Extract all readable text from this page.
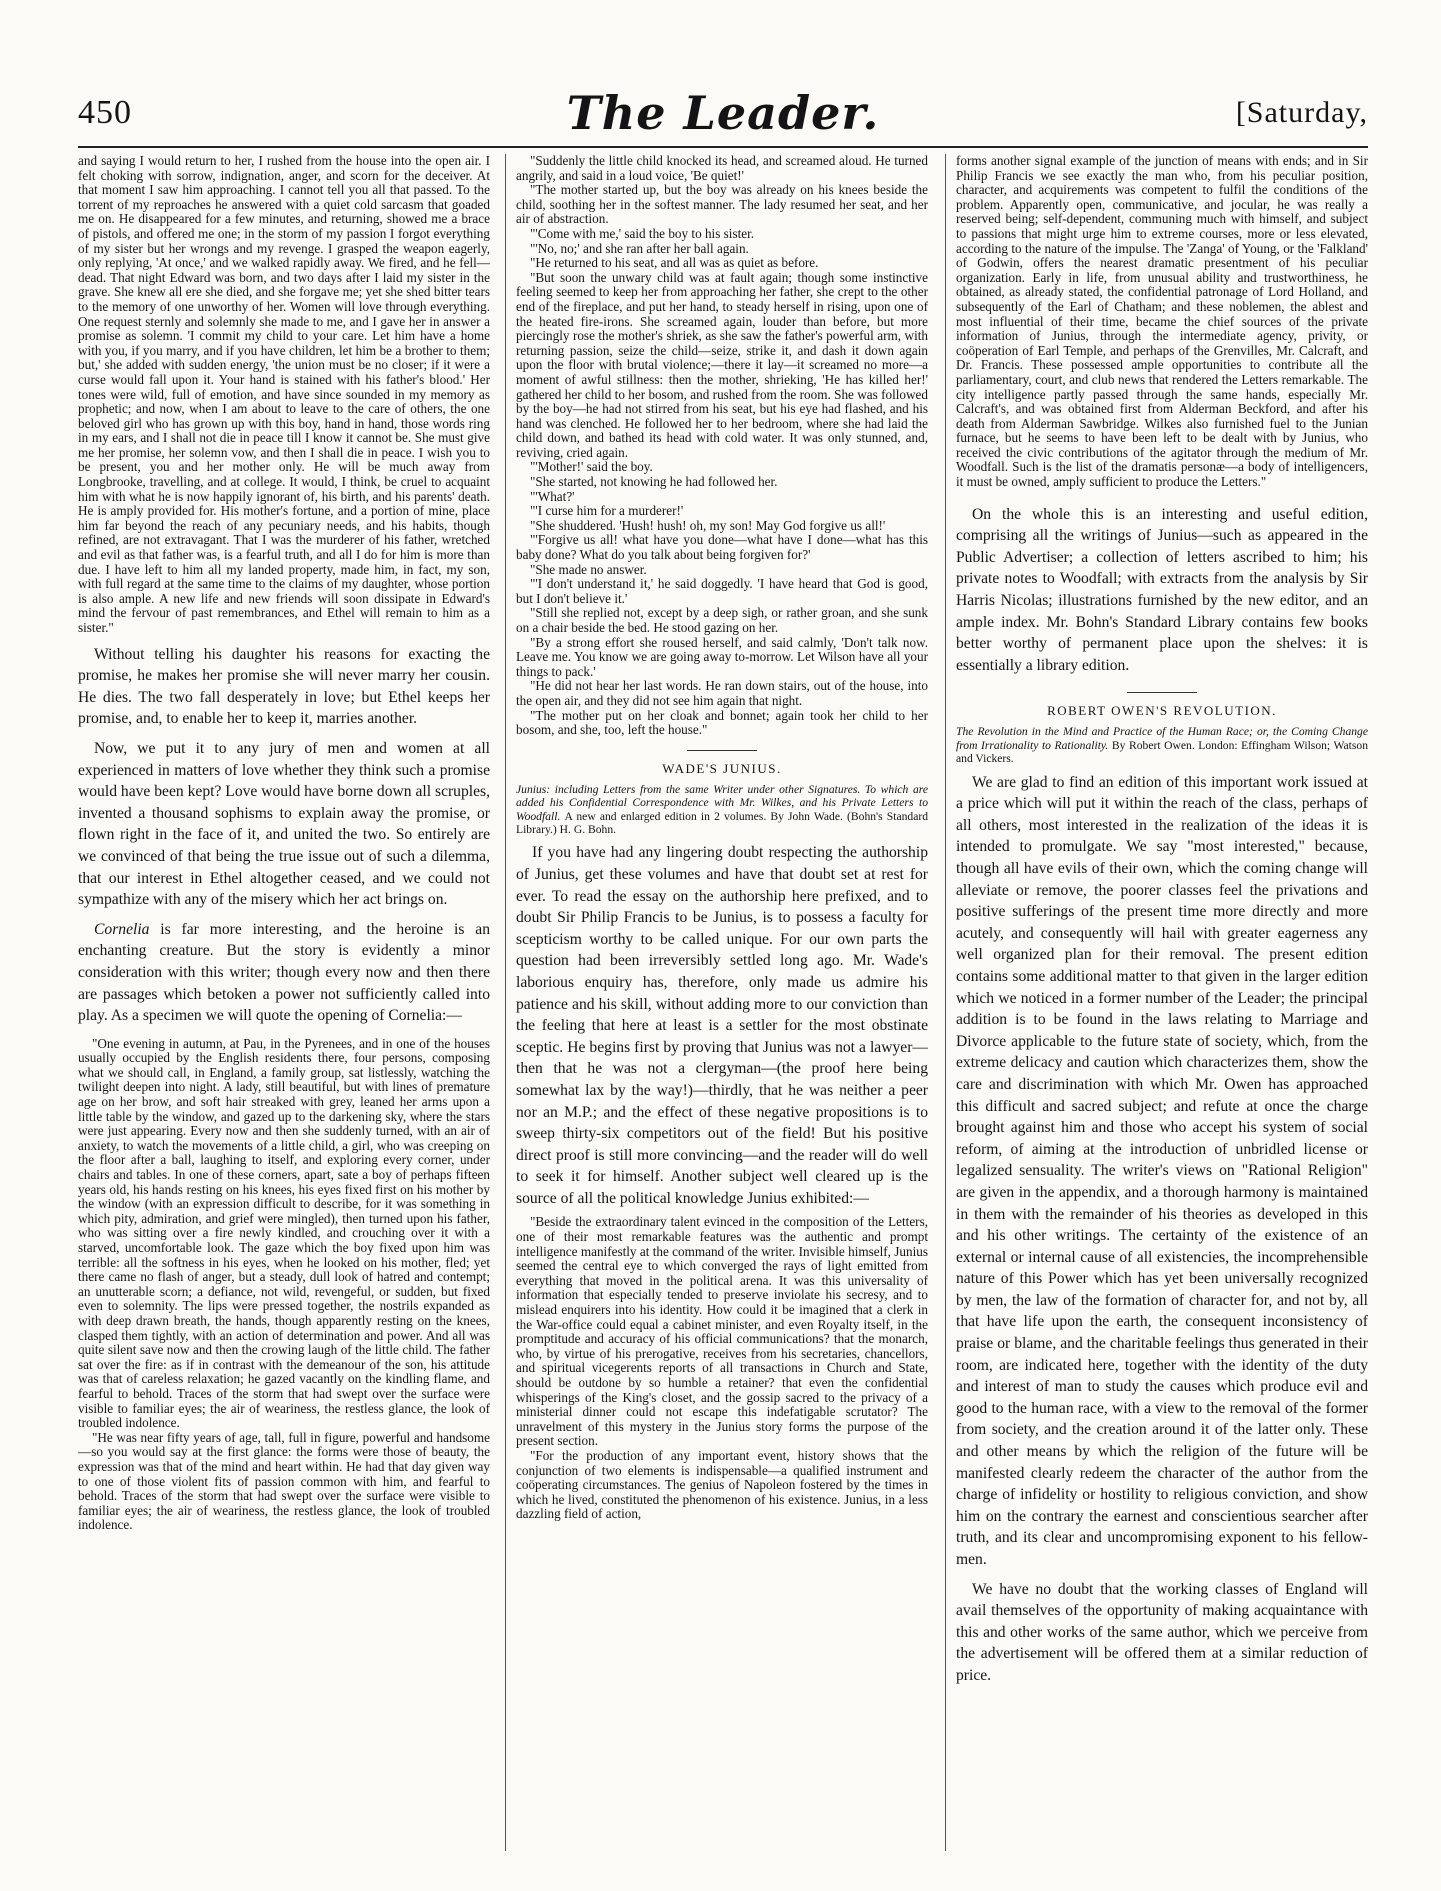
450	The Leader.	[Saturday,

and saying I would return to her, I rushed from the house into the open air. I felt choking with sorrow, indignation, anger, and scorn for the deceiver. At that moment I saw him approaching. I cannot tell you all that passed. To the torrent of my reproaches he answered with a quiet cold sarcasm that goaded me on. He disappeared for a few minutes, and returning, showed me a brace of pistols, and offered me one; in the storm of my passion I forgot everything of my sister but her wrongs and my revenge. I grasped the weapon eagerly, only replying, 'At once,' and we walked rapidly away. We fired, and he fell—dead. That night Edward was born, and two days after I laid my sister in the grave. She knew all ere she died, and she forgave me; yet she shed bitter tears to the memory of one unworthy of her. Women will love through everything. One request sternly and solemnly she made to me, and I gave her in answer a promise as solemn. 'I commit my child to your care. Let him have a home with you, if you marry, and if you have children, let him be a brother to them; but,' she added with sudden energy, 'the union must be no closer; if it were a curse would fall upon it. Your hand is stained with his father's blood.' Her tones were wild, full of emotion, and have since sounded in my memory as prophetic; and now, when I am about to leave to the care of others, the one beloved girl who has grown up with this boy, hand in hand, those words ring in my ears, and I shall not die in peace till I know it cannot be. She must give me her promise, her solemn vow, and then I shall die in peace. I wish you to be present, you and her mother only. He will be much away from Longbrooke, travelling, and at college. It would, I think, be cruel to acquaint him with what he is now happily ignorant of, his birth, and his parents' death. He is amply provided for. His mother's fortune, and a portion of mine, place him far beyond the reach of any pecuniary needs, and his habits, though refined, are not extravagant. That I was the murderer of his father, wretched and evil as that father was, is a fearful truth, and all I do for him is more than due. I have left to him all my landed property, made him, in fact, my son, with full regard at the same time to the claims of my daughter, whose portion is also ample. A new life and new friends will soon dissipate in Edward's mind the fervour of past remembrances, and Ethel will remain to him as a sister."

Without telling his daughter his reasons for exacting the promise, he makes her promise she will never marry her cousin. He dies. The two fall desperately in love; but Ethel keeps her promise, and, to enable her to keep it, marries another.

Now, we put it to any jury of men and women at all experienced in matters of love whether they think such a promise would have been kept? Love would have borne down all scruples, invented a thousand sophisms to explain away the promise, or flown right in the face of it, and united the two. So entirely are we convinced of that being the true issue out of such a dilemma, that our interest in Ethel altogether ceased, and we could not sympathize with any of the misery which her act brings on.

Cornelia is far more interesting, and the heroine is an enchanting creature. But the story is evidently a minor consideration with this writer; though every now and then there are passages which betoken a power not sufficiently called into play. As a specimen we will quote the opening of Cornelia:—

"One evening in autumn, at Pau, in the Pyrenees, and in one of the houses usually occupied by the English residents there, four persons, composing what we should call, in England, a family group, sat listlessly, watching the twilight deepen into night. A lady, still beautiful, but with lines of premature age on her brow, and soft hair streaked with grey, leaned her arms upon a little table by the window, and gazed up to the darkening sky, where the stars were just appearing. Every now and then she suddenly turned, with an air of anxiety, to watch the movements of a little child, a girl, who was creeping on the floor after a ball, laughing to itself, and exploring every corner, under chairs and tables. In one of these corners, apart, sate a boy of perhaps fifteen years old, his hands resting on his knees, his eyes fixed first on his mother by the window (with an expression difficult to describe, for it was something in which pity, admiration, and grief were mingled), then turned upon his father, who was sitting over a fire newly kindled, and crouching over it with a starved, uncomfortable look. The gaze which the boy fixed upon him was terrible: all the softness in his eyes, when he looked on his mother, fled; yet there came no flash of anger, but a steady, dull look of hatred and contempt; an unutterable scorn; a defiance, not wild, revengeful, or sudden, but fixed even to solemnity. The lips were pressed together, the nostrils expanded as with deep drawn breath, the hands, though apparently resting on the knees, clasped them tightly, with an action of determination and power. And all was quite silent save now and then the crowing laugh of the little child. The father sat over the fire: as if in contrast with the demeanour of the son, his attitude was that of careless relaxation; he gazed vacantly on the kindling flame, and fearful to behold. Traces of the storm that had swept over the surface were visible to familiar eyes; the air of weariness, the restless glance, the look of troubled indolence.

"He was near fifty years of age, tall, full in figure, powerful and handsome—so you would say at the first glance: the forms were those of beauty, the expression was that of the mind and heart within. He had that day given way to one of those violent fits of passion common with him, and fearful to behold. Traces of the storm that had swept over the surface were visible to familiar eyes; the air of weariness, the restless glance, the look of troubled indolence.

"Suddenly the little child knocked its head, and screamed aloud. He turned angrily, and said in a loud voice, 'Be quiet!'

"The mother started up, but the boy was already on his knees beside the child, soothing her in the softest manner. The lady resumed her seat, and her air of abstraction.

"'Come with me,' said the boy to his sister.

"'No, no;' and she ran after her ball again.

"He returned to his seat, and all was as quiet as before.

"But soon the unwary child was at fault again; though some instinctive feeling seemed to keep her from approaching her father, she crept to the other end of the fireplace, and put her hand, to steady herself in rising, upon one of the heated fire-irons. She screamed again, louder than before, but more piercingly rose the mother's shriek, as she saw the father's powerful arm, with returning passion, seize the child—seize, strike it, and dash it down again upon the floor with brutal violence;—there it lay—it screamed no more—a moment of awful stillness: then the mother, shrieking, 'He has killed her!' gathered her child to her bosom, and rushed from the room. She was followed by the boy—he had not stirred from his seat, but his eye had flashed, and his hand was clenched. He followed her to her bedroom, where she had laid the child down, and bathed its head with cold water. It was only stunned, and, reviving, cried again.

"'Mother!' said the boy.

"She started, not knowing he had followed her.

"'What?'

"'I curse him for a murderer!'

"She shuddered. 'Hush! hush! oh, my son! May God forgive us all!'

"'Forgive us all! what have you done—what have I done—what has this baby done? What do you talk about being forgiven for?'

"She made no answer.

"'I don't understand it,' he said doggedly. 'I have heard that God is good, but I don't believe it.'

"Still she replied not, except by a deep sigh, or rather groan, and she sunk on a chair beside the bed. He stood gazing on her.

"By a strong effort she roused herself, and said calmly, 'Don't talk now. Leave me. You know we are going away to-morrow. Let Wilson have all your things to pack.'

"He did not hear her last words. He ran down stairs, out of the house, into the open air, and they did not see him again that night.

"The mother put on her cloak and bonnet; again took her child to her bosom, and she, too, left the house."

WADE'S JUNIUS.

Junius: including Letters from the same Writer under other Signatures. To which are added his Confidential Correspondence with Mr. Wilkes, and his Private Letters to Woodfall. A new and enlarged edition in 2 volumes. By John Wade. (Bohn's Standard Library.) H. G. Bohn.

If you have had any lingering doubt respecting the authorship of Junius, get these volumes and have that doubt set at rest for ever. To read the essay on the authorship here prefixed, and to doubt Sir Philip Francis to be Junius, is to possess a faculty for scepticism worthy to be called unique. For our own parts the question had been irreversibly settled long ago. Mr. Wade's laborious enquiry has, therefore, only made us admire his patience and his skill, without adding more to our conviction than the feeling that here at least is a settler for the most obstinate sceptic. He begins first by proving that Junius was not a lawyer—then that he was not a clergyman—(the proof here being somewhat lax by the way!)—thirdly, that he was neither a peer nor an M.P.; and the effect of these negative propositions is to sweep thirty-six competitors out of the field! But his positive direct proof is still more convincing—and the reader will do well to seek it for himself. Another subject well cleared up is the source of all the political knowledge Junius exhibited:—

"Beside the extraordinary talent evinced in the composition of the Letters, one of their most remarkable features was the authentic and prompt intelligence manifestly at the command of the writer. Invisible himself, Junius seemed the central eye to which converged the rays of light emitted from everything that moved in the political arena. It was this universality of information that especially tended to preserve inviolate his secresy, and to mislead enquirers into his identity. How could it be imagined that a clerk in the War-office could equal a cabinet minister, and even Royalty itself, in the promptitude and accuracy of his official communications? that the monarch, who, by virtue of his prerogative, receives from his secretaries, chancellors, and spiritual vicegerents reports of all transactions in Church and State, should be outdone by so humble a retainer? that even the confidential whisperings of the King's closet, and the gossip sacred to the privacy of a ministerial dinner could not escape this indefatigable scrutator? The unravelment of this mystery in the Junius story forms the purpose of the present section.

"For the production of any important event, history shows that the conjunction of two elements is indispensable—a qualified instrument and coöperating circumstances. The genius of Napoleon fostered by the times in which he lived, constituted the phenomenon of his existence. Junius, in a less dazzling field of action,

forms another signal example of the junction of means with ends; and in Sir Philip Francis we see exactly the man who, from his peculiar position, character, and acquirements was competent to fulfil the conditions of the problem. Apparently open, communicative, and jocular, he was really a reserved being; self-dependent, communing much with himself, and subject to passions that might urge him to extreme courses, more or less elevated, according to the nature of the impulse. The 'Zanga' of Young, or the 'Falkland' of Godwin, offers the nearest dramatic presentment of his peculiar organization. Early in life, from unusual ability and trustworthiness, he obtained, as already stated, the confidential patronage of Lord Holland, and subsequently of the Earl of Chatham; and these noblemen, the ablest and most influential of their time, became the chief sources of the private information of Junius, through the intermediate agency, privity, or coöperation of Earl Temple, and perhaps of the Grenvilles, Mr. Calcraft, and Dr. Francis. These possessed ample opportunities to contribute all the parliamentary, court, and club news that rendered the Letters remarkable. The city intelligence partly passed through the same hands, especially Mr. Calcraft's, and was obtained first from Alderman Beckford, and after his death from Alderman Sawbridge. Wilkes also furnished fuel to the Junian furnace, but he seems to have been left to be dealt with by Junius, who received the civic contributions of the agitator through the medium of Mr. Woodfall. Such is the list of the dramatis personæ—a body of intelligencers, it must be owned, amply sufficient to produce the Letters."

On the whole this is an interesting and useful edition, comprising all the writings of Junius—such as appeared in the Public Advertiser; a collection of letters ascribed to him; his private notes to Woodfall; with extracts from the analysis by Sir Harris Nicolas; illustrations furnished by the new editor, and an ample index. Mr. Bohn's Standard Library contains few books better worthy of permanent place upon the shelves: it is essentially a library edition.

ROBERT OWEN'S REVOLUTION.

The Revolution in the Mind and Practice of the Human Race; or, the Coming Change from Irrationality to Rationality. By Robert Owen. London: Effingham Wilson; Watson and Vickers.

We are glad to find an edition of this important work issued at a price which will put it within the reach of the class, perhaps of all others, most interested in the realization of the ideas it is intended to promulgate. We say "most interested," because, though all have evils of their own, which the coming change will alleviate or remove, the poorer classes feel the privations and positive sufferings of the present time more directly and more acutely, and consequently will hail with greater eagerness any well organized plan for their removal. The present edition contains some additional matter to that given in the larger edition which we noticed in a former number of the Leader; the principal addition is to be found in the laws relating to Marriage and Divorce applicable to the future state of society, which, from the extreme delicacy and caution which characterizes them, show the care and discrimination with which Mr. Owen has approached this difficult and sacred subject; and refute at once the charge brought against him and those who accept his system of social reform, of aiming at the introduction of unbridled license or legalized sensuality. The writer's views on "Rational Religion" are given in the appendix, and a thorough harmony is maintained in them with the remainder of his theories as developed in this and his other writings. The certainty of the existence of an external or internal cause of all existencies, the incomprehensible nature of this Power which has yet been universally recognized by men, the law of the formation of character for, and not by, all that have life upon the earth, the consequent inconsistency of praise or blame, and the charitable feelings thus generated in their room, are indicated here, together with the identity of the duty and interest of man to study the causes which produce evil and good to the human race, with a view to the removal of the former from society, and the creation around it of the latter only. These and other means by which the religion of the future will be manifested clearly redeem the character of the author from the charge of infidelity or hostility to religious conviction, and show him on the contrary the earnest and conscientious searcher after truth, and its clear and uncompromising exponent to his fellow-men.

We have no doubt that the working classes of England will avail themselves of the opportunity of making acquaintance with this and other works of the same author, which we perceive from the advertisement will be offered them at a similar reduction of price.
